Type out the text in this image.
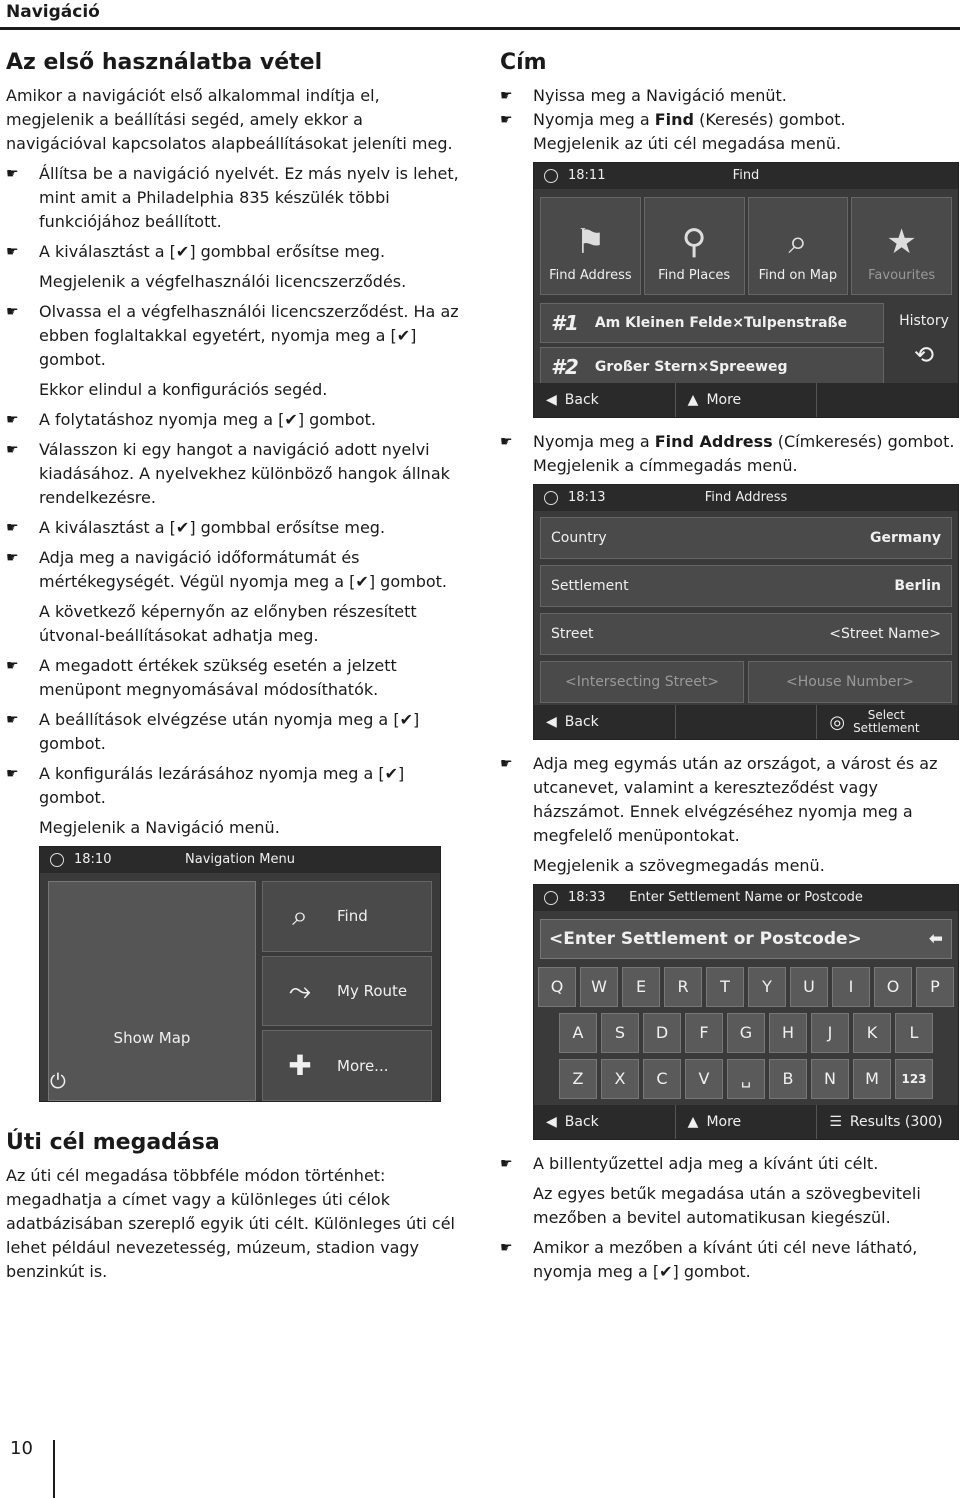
Navigáció
Az első használatba vétel

Amikor a navigációt első alkalommal indítja el, megjelenik a beállítási segéd, amely ekkor a navigációval kapcsolatos alapbeállításokat jeleníti meg.

☛	Állítsa be a navigáció nyelvét. Ez más nyelv is lehet, mint amit a Philadelphia 835 készülék többi funkciójához beállított.
☛	A kiválasztást a [✔] gombbal erősítse meg.

Megjelenik a végfelhasználói licencszerződés.

☛	Olvassa el a végfelhasználói licencszerződést. Ha az ebben foglaltakkal egyetért, nyomja meg a [✔] gombot.

Ekkor elindul a konfigurációs segéd.

☛	A folytatáshoz nyomja meg a [✔] gombot.
☛	Válasszon ki egy hangot a navigáció adott nyelvi kiadásához. A nyelvekhez különböző hangok állnak rendelkezésre.
☛	A kiválasztást a [✔] gombbal erősítse meg.
☛	Adja meg a navigáció időformátumát és mértékegységét. Végül nyomja meg a [✔] gombot.

A következő képernyőn az előnyben részesített útvonal-beállításokat adhatja meg.

☛	A megadott értékek szükség esetén a jelzett menüpont megnyomásával módosíthatók.
☛	A beállítások elvégzése után nyomja meg a [✔] gombot.
☛	A konfigurálás lezárásához nyomja meg a [✔] gombot.

Megjelenik a Navigáció menü.

18:10	Navigation Menu
Show Map
⌕	Find
⤳	My Route
✚	More...
⏻
Úti cél megadása

Az úti cél megadása többféle módon történhet: megadhatja a címet vagy a különleges úti célok adatbázisában szereplő egyik úti célt. Különleges úti cél lehet például nevezetesség, múzeum, stadion vagy benzinkút is.

Cím
☛	Nyissa meg a Navigáció menüt.
☛	Nyomja meg a Find (Keresés) gombot.

Megjelenik az úti cél megadása menü.

18:11	Find
⚑
Find Address
⚲
Find Places
⌕
Find on Map
★
Favourites
#1 Am Kleinen Felde×Tulpenstraße
#2 Großer Stern×Spreeweg
History
⟲
◀ Back	▲ More
☛	Nyomja meg a Find Address (Címkeresés) gombot.

Megjelenik a címmegadás menü.

18:13	Find Address
Country	Germany
Settlement	Berlin
Street	<Street Name>
<Intersecting Street>	<House Number>
◀ Back	◎	Select
Settlement
☛	Adja meg egymás után az országot, a várost és az utcanevet, valamint a kereszteződést vagy házszámot. Ennek elvégzéséhez nyomja meg a megfelelő menüpontokat.

Megjelenik a szövegmegadás menü.

18:33	Enter Settlement Name or Postcode
<Enter Settlement or Postcode>	⬅
Q	W	E	R	T	Y	U	I	O	P
A	S	D	F	G	H	J	K	L
Z	X	C	V	␣	B	N	M	123
◀ Back	▲ More	☰ Results (300)
☛	A billentyűzettel adja meg a kívánt úti célt.

Az egyes betűk megadása után a szövegbeviteli mezőben a bevitel automatikusan kiegészül.

☛	Amikor a mezőben a kívánt úti cél neve látható, nyomja meg a [✔] gombot.
10
